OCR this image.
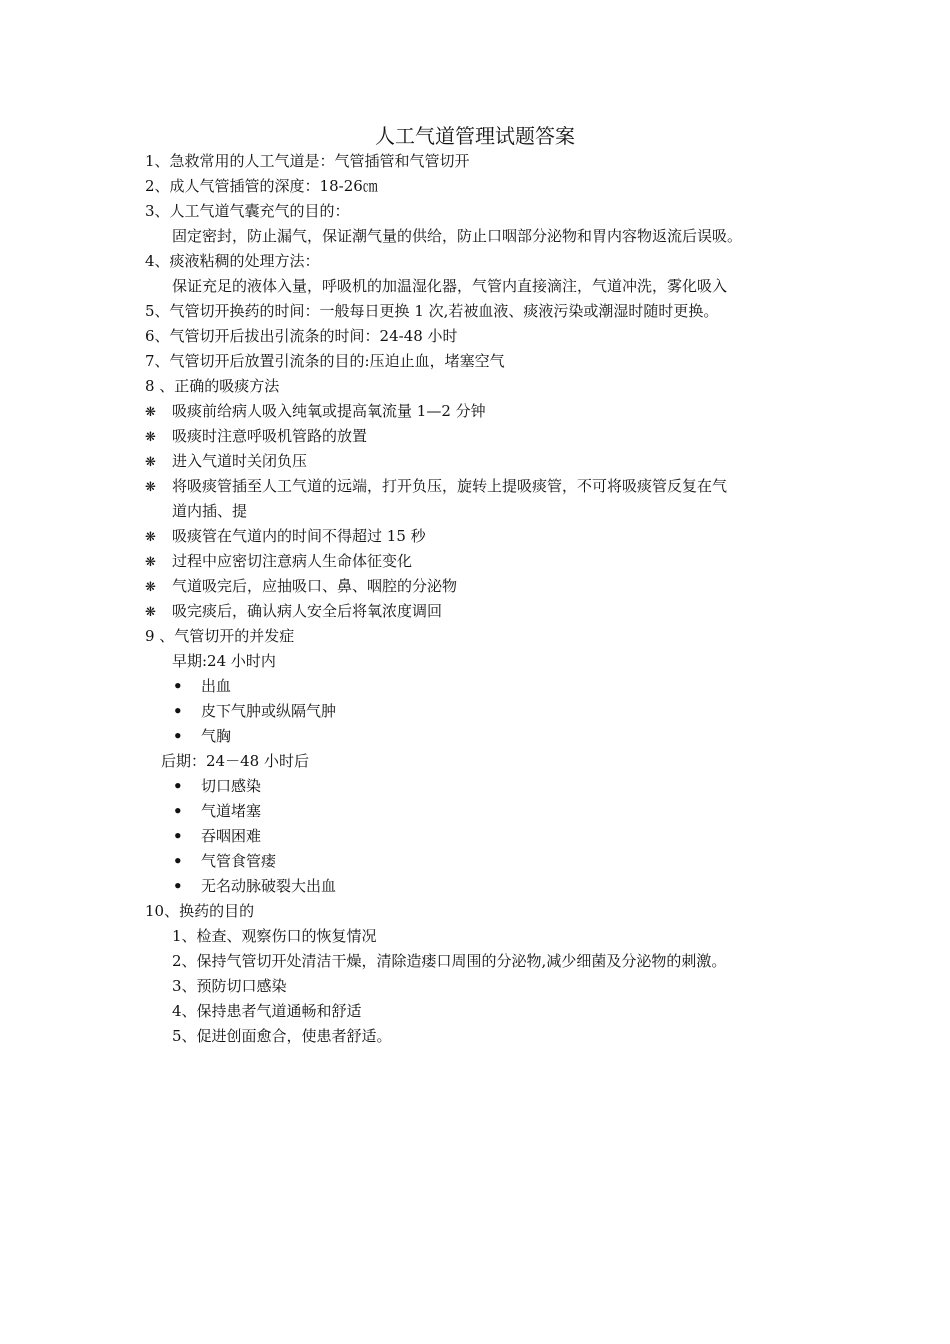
人工气道管理试题答案
1、急救常用的人工气道是：气管插管和气管切开
2、成人气管插管的深度：18-26㎝
3、人工气道气囊充气的目的：
固定密封，防止漏气，保证潮气量的供给，防止口咽部分泌物和胃内容物返流后误吸。
4、痰液粘稠的处理方法：
保证充足的液体入量，呼吸机的加温湿化器，气管内直接滴注，气道冲洗，雾化吸入
5、气管切开换药的时间：一般每日更换 1 次,若被血液、痰液污染或潮湿时随时更换。
6、气管切开后拔出引流条的时间：24-48 小时
7、气管切开后放置引流条的目的:压迫止血，堵塞空气
8 、正确的吸痰方法
❋ 吸痰前给病人吸入纯氧或提高氧流量 1—2 分钟
❋ 吸痰时注意呼吸机管路的放置
❋ 进入气道时关闭负压
❋ 将吸痰管插至人工气道的远端，打开负压，旋转上提吸痰管，不可将吸痰管反复在气
道内插、提
❋ 吸痰管在气道内的时间不得超过 15 秒
❋ 过程中应密切注意病人生命体征变化
❋ 气道吸完后，应抽吸口、鼻、咽腔的分泌物
❋ 吸完痰后，确认病人安全后将氧浓度调回
9 、气管切开的并发症
早期:24 小时内
• 出血
• 皮下气肿或纵隔气肿
• 气胸
后期：24－48 小时后
• 切口感染
• 气道堵塞
• 吞咽困难
• 气管食管瘘
• 无名动脉破裂大出血
10、换药的目的
1、检查、观察伤口的恢复情况
2、保持气管切开处清洁干燥，清除造瘘口周围的分泌物,减少细菌及分泌物的刺激。
3、预防切口感染
4、保持患者气道通畅和舒适
5、促进创面愈合，使患者舒适。
